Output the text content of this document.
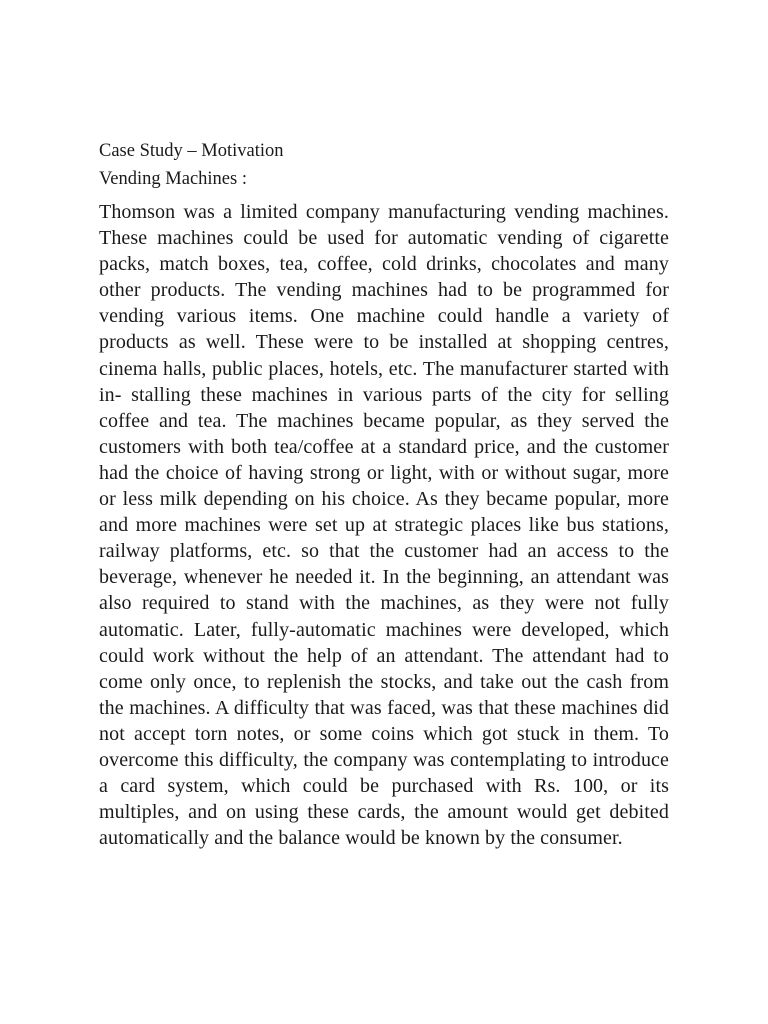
Case Study – Motivation

Vending Machines :

Thomson was a limited company manufacturing vending machines. These machines could be used for automatic vending of cigarette packs, match boxes, tea, coffee, cold drinks, chocolates and many other products. The vending machines had to be programmed for vending various items. One machine could handle a variety of products as well. These were to be installed at shopping centres, cinema halls, public places, hotels, etc. The manufacturer started with in- stalling these machines in various parts of the city for selling coffee and tea. The machines became popular, as they served the customers with both tea/coffee at a standard price, and the customer had the choice of having strong or light, with or without sugar, more or less milk depending on his choice. As they became popular, more and more machines were set up at strategic places like bus stations, railway platforms, etc. so that the customer had an access to the beverage, whenever he needed it. In the beginning, an attendant was also required to stand with the machines, as they were not fully automatic. Later, fully-automatic machines were developed, which could work without the help of an attendant. The attendant had to come only once, to replenish the stocks, and take out the cash from the machines. A difficulty that was faced, was that these machines did not accept torn notes, or some coins which got stuck in them. To overcome this difficulty, the company was contemplating to introduce a card system, which could be purchased with Rs. 100, or its multiples, and on using these cards, the amount would get debited automatically and the balance would be known by the consumer.
